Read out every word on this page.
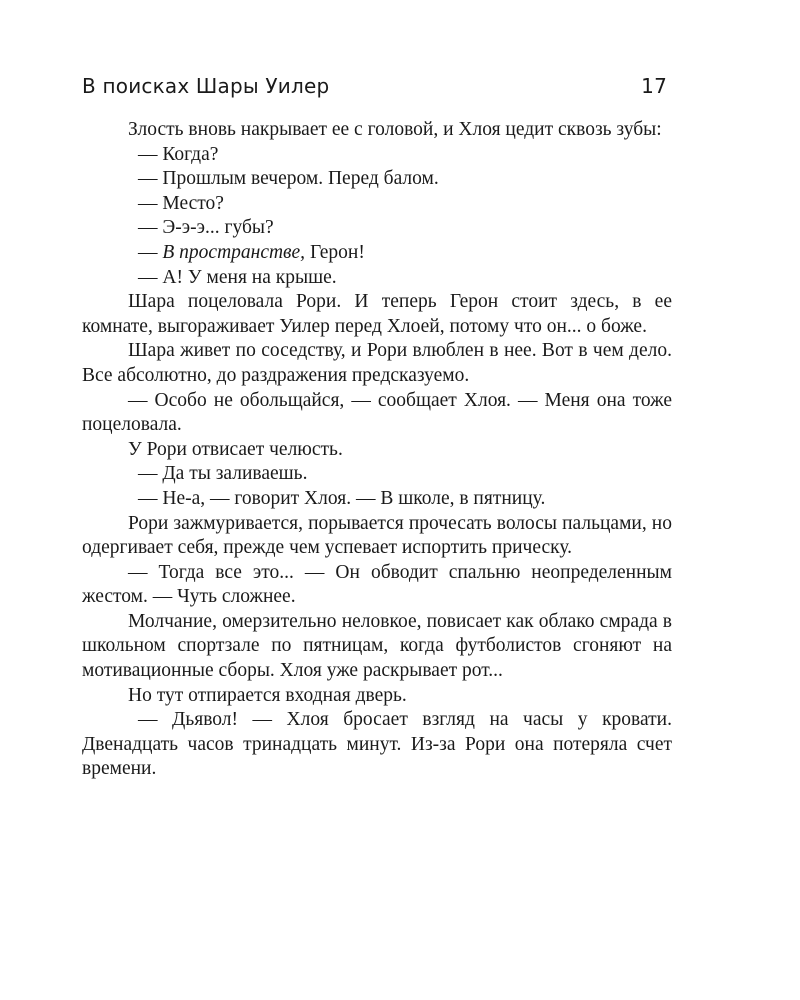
В поисках Шары Уилер	17

Злость вновь накрывает ее с головой, и Хлоя цедит сквозь зубы:

— Когда?

— Прошлым вечером. Перед балом.

— Место?

— Э-э-э... губы?

— В пространстве, Герон!

— А! У меня на крыше.

Шара поцеловала Рори. И теперь Герон стоит здесь, в ее комнате, выгораживает Уилер перед Хлоей, потому что он... о боже.

Шара живет по соседству, и Рори влюблен в нее. Вот в чем дело. Все абсолютно, до раздражения предсказуемо.

— Особо не обольщайся, — сообщает Хлоя. — Меня она тоже поцеловала.

У Рори отвисает челюсть.

— Да ты заливаешь.

— Не-а, — говорит Хлоя. — В школе, в пятницу.

Рори зажмуривается, порывается прочесать волосы пальцами, но одергивает себя, прежде чем успевает испортить прическу.

— Тогда все это... — Он обводит спальню неопределенным жестом. — Чуть сложнее.

Молчание, омерзительно неловкое, повисает как облако смрада в школьном спортзале по пятницам, когда футболистов сгоняют на мотивационные сборы. Хлоя уже раскрывает рот...

Но тут отпирается входная дверь.

— Дьявол! — Хлоя бросает взгляд на часы у кровати. Двенадцать часов тринадцать минут. Из-за Рори она потеряла счет времени.
